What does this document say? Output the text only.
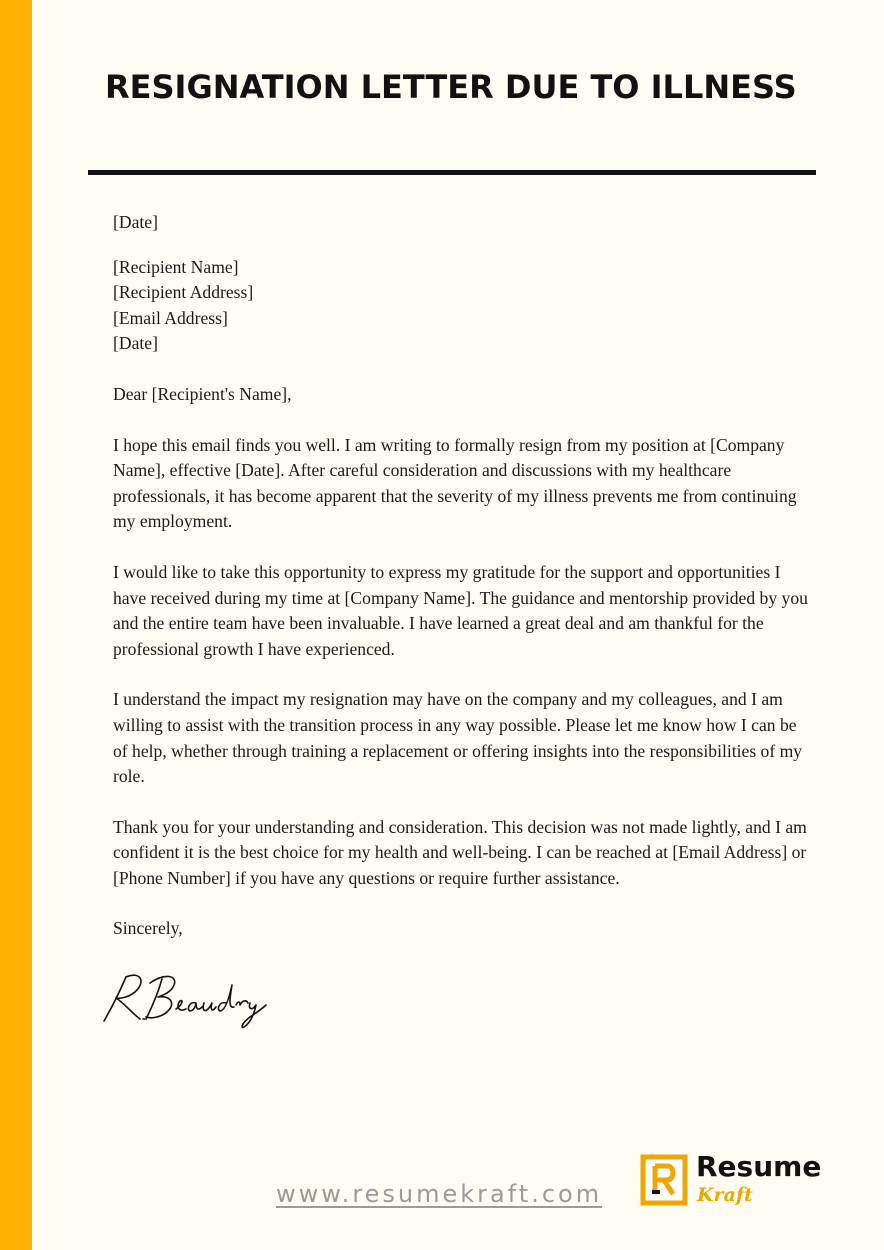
RESIGNATION LETTER DUE TO ILLNESS

[Date]

[Recipient Name]

[Recipient Address]

[Email Address]

[Date]

Dear [Recipient's Name],

I hope this email finds you well. I am writing to formally resign from my position at [Company Name], effective [Date]. After careful consideration and discussions with my healthcare professionals, it has become apparent that the severity of my illness prevents me from continuing my employment.

I would like to take this opportunity to express my gratitude for the support and opportunities I have received during my time at [Company Name]. The guidance and mentorship provided by you and the entire team have been invaluable. I have learned a great deal and am thankful for the professional growth I have experienced.

I understand the impact my resignation may have on the company and my colleagues, and I am willing to assist with the transition process in any way possible. Please let me know how I can be of help, whether through training a replacement or offering insights into the responsibilities of my role.

Thank you for your understanding and consideration. This decision was not made lightly, and I am confident it is the best choice for my health and well-being. I can be reached at [Email Address] or [Phone Number] if you have any questions or require further assistance.

Sincerely,

www.resumekraft.com
Resume
Kraft
